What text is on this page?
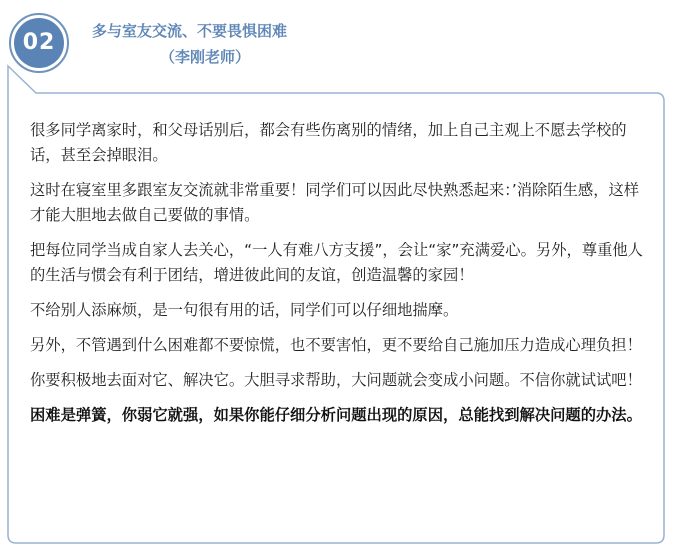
02	多与室友交流、不要畏惧困难
（李刚老师）

很多同学离家时，和父母话别后，都会有些伤离别的情绪，加上自己主观上不愿去学校的话，甚至会掉眼泪。

这时在寝室里多跟室友交流就非常重要！同学们可以因此尽快熟悉起来：’消除陌生感，这样才能大胆地去做自己要做的事情。

把每位同学当成自家人去关心，“一人有难八方支援”，会让“家”充满爱心。另外，尊重他人的生活与惯会有利于团结，增进彼此间的友谊，创造温馨的家园！

不给别人添麻烦，是一句很有用的话，同学们可以仔细地揣摩。

另外，不管遇到什么困难都不要惊慌，也不要害怕，更不要给自己施加压力造成心理负担！

你要积极地去面对它、解决它。大胆寻求帮助，大问题就会变成小问题。不信你就试试吧！

困难是弹簧，你弱它就强，如果你能仔细分析问题出现的原因，总能找到解决问题的办法。
